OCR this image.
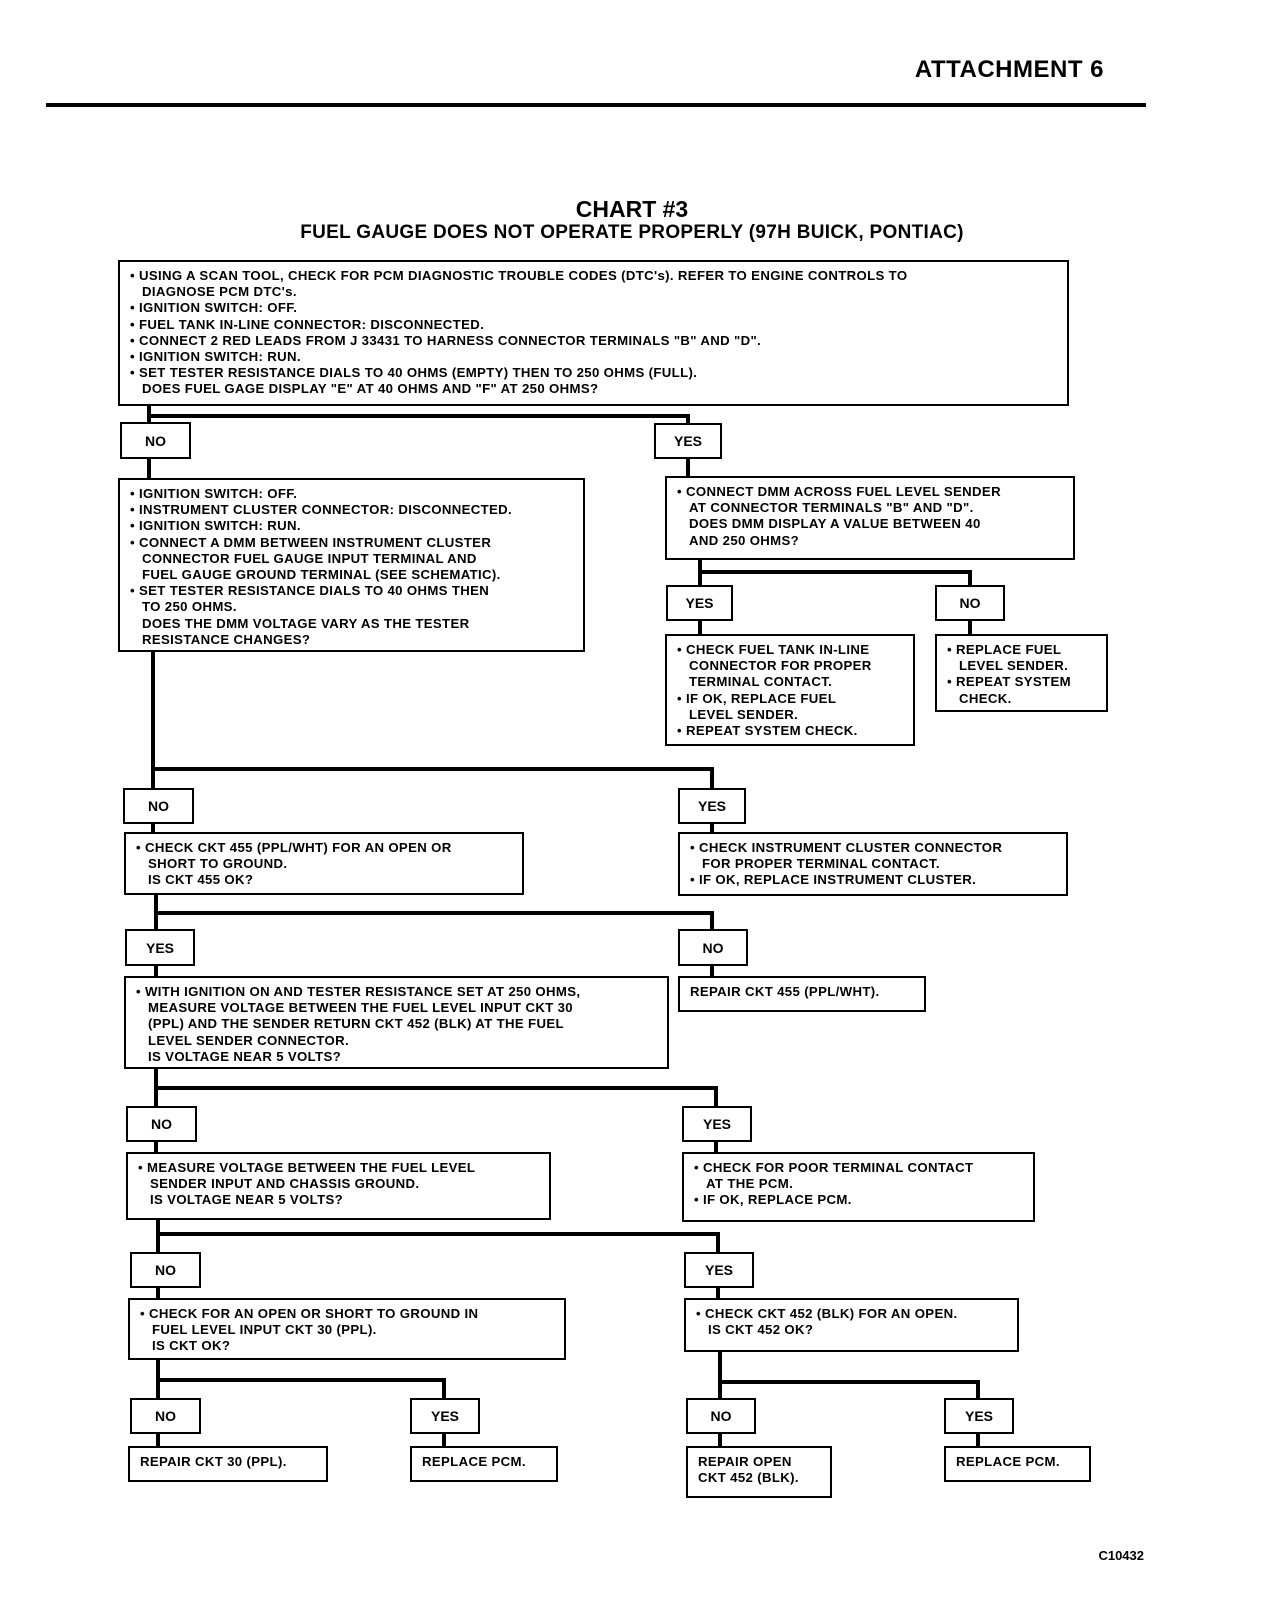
ATTACHMENT 6
CHART #3
FUEL GAUGE DOES NOT OPERATE PROPERLY (97H BUICK, PONTIAC)
• USING A SCAN TOOL, CHECK FOR PCM DIAGNOSTIC TROUBLE CODES (DTC's). REFER TO ENGINE CONTROLS TO
DIAGNOSE PCM DTC's.
• IGNITION SWITCH: OFF.
• FUEL TANK IN-LINE CONNECTOR: DISCONNECTED.
• CONNECT 2 RED LEADS FROM J 33431 TO HARNESS CONNECTOR TERMINALS "B" AND "D".
• IGNITION SWITCH: RUN.
• SET TESTER RESISTANCE DIALS TO 40 OHMS (EMPTY) THEN TO 250 OHMS (FULL).
DOES FUEL GAGE DISPLAY "E" AT 40 OHMS AND "F" AT 250 OHMS?
NO	YES
• IGNITION SWITCH: OFF.
• INSTRUMENT CLUSTER CONNECTOR: DISCONNECTED.
• IGNITION SWITCH: RUN.
• CONNECT A DMM BETWEEN INSTRUMENT CLUSTER
CONNECTOR FUEL GAUGE INPUT TERMINAL AND
FUEL GAUGE GROUND TERMINAL (SEE SCHEMATIC).
• SET TESTER RESISTANCE DIALS TO 40 OHMS THEN
TO 250 OHMS.
DOES THE DMM VOLTAGE VARY AS THE TESTER
RESISTANCE CHANGES?
• CONNECT DMM ACROSS FUEL LEVEL SENDER
AT CONNECTOR TERMINALS "B" AND "D".
DOES DMM DISPLAY A VALUE BETWEEN 40
AND 250 OHMS?
YES	NO
• CHECK FUEL TANK IN-LINE
CONNECTOR FOR PROPER
TERMINAL CONTACT.
• IF OK, REPLACE FUEL
LEVEL SENDER.
• REPEAT SYSTEM CHECK.
• REPLACE FUEL
LEVEL SENDER.
• REPEAT SYSTEM
CHECK.
NO	YES
• CHECK CKT 455 (PPL/WHT) FOR AN OPEN OR
SHORT TO GROUND.
IS CKT 455 OK?
• CHECK INSTRUMENT CLUSTER CONNECTOR
FOR PROPER TERMINAL CONTACT.
• IF OK, REPLACE INSTRUMENT CLUSTER.
YES	NO
• WITH IGNITION ON AND TESTER RESISTANCE SET AT 250 OHMS,
MEASURE VOLTAGE BETWEEN THE FUEL LEVEL INPUT CKT 30
(PPL) AND THE SENDER RETURN CKT 452 (BLK) AT THE FUEL
LEVEL SENDER CONNECTOR.
IS VOLTAGE NEAR 5 VOLTS?
REPAIR CKT 455 (PPL/WHT).
NO	YES
• MEASURE VOLTAGE BETWEEN THE FUEL LEVEL
SENDER INPUT AND CHASSIS GROUND.
IS VOLTAGE NEAR 5 VOLTS?
• CHECK FOR POOR TERMINAL CONTACT
AT THE PCM.
• IF OK, REPLACE PCM.
NO	YES
• CHECK FOR AN OPEN OR SHORT TO GROUND IN
FUEL LEVEL INPUT CKT 30 (PPL).
IS CKT OK?
• CHECK CKT 452 (BLK) FOR AN OPEN.
IS CKT 452 OK?
NO	YES	NO	YES
REPAIR CKT 30 (PPL).	REPLACE PCM.	REPAIR OPEN
CKT 452 (BLK).
REPLACE PCM.
C10432
